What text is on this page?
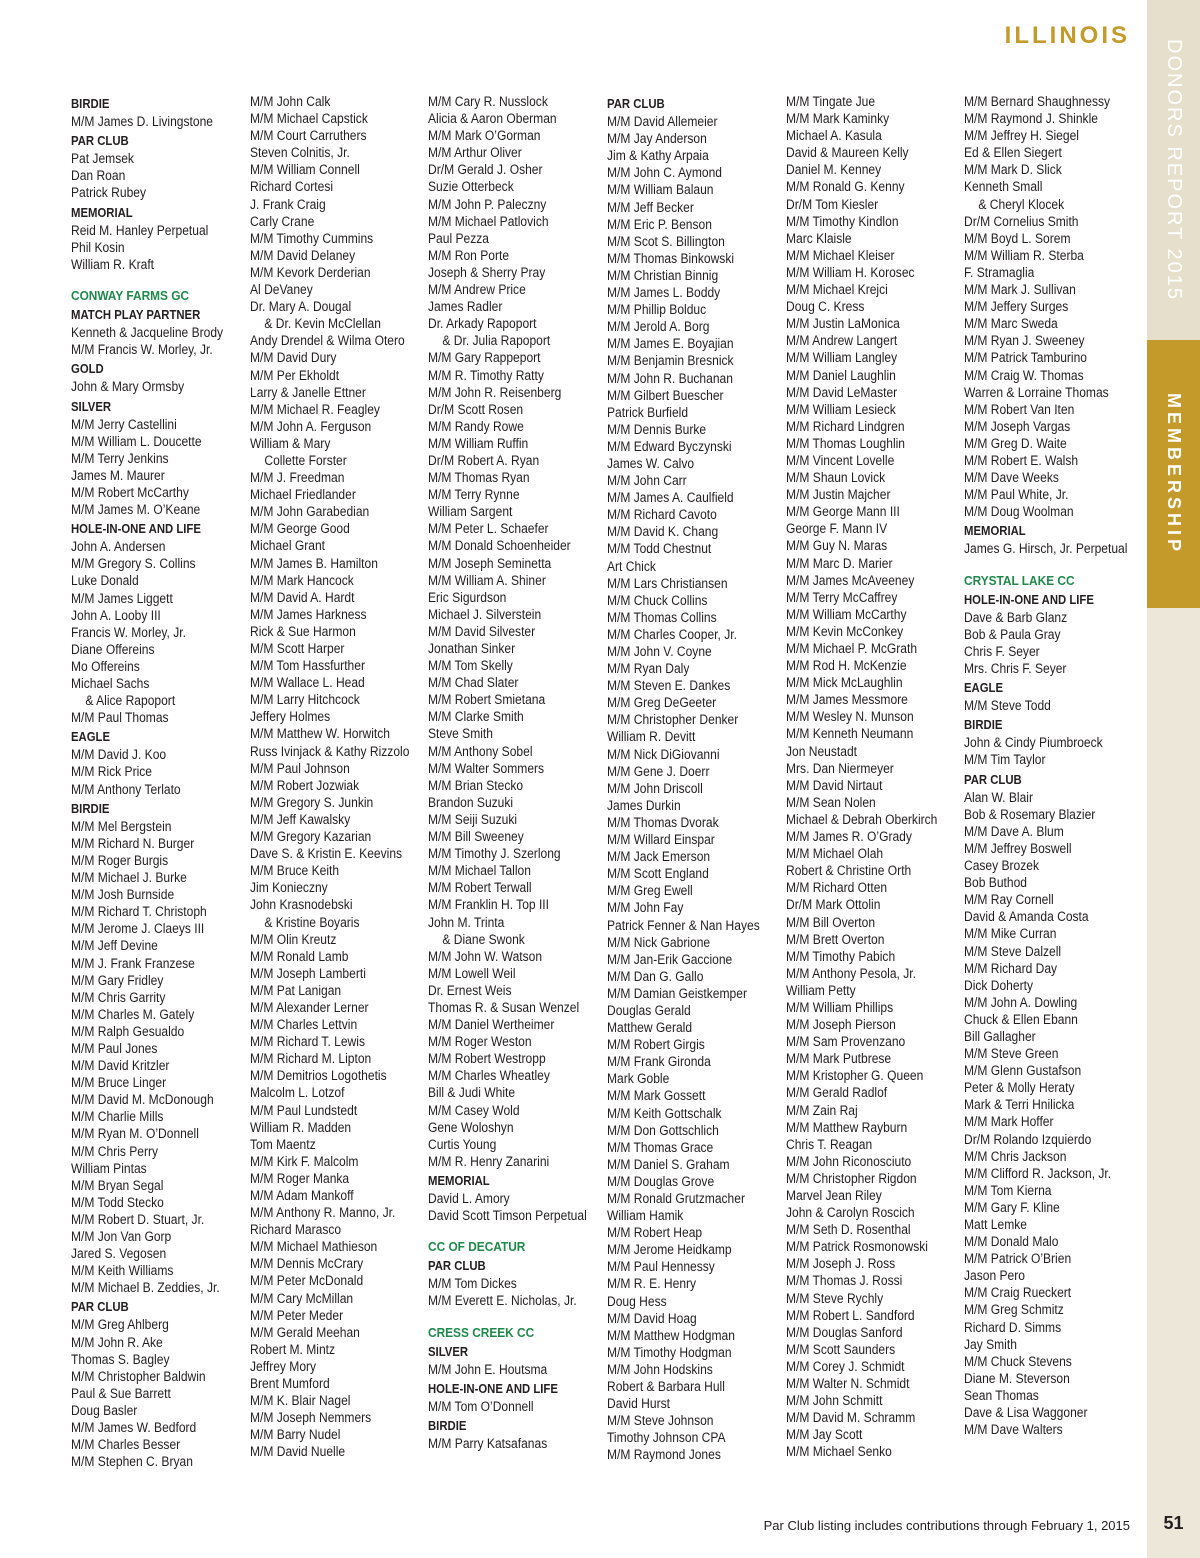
ILLINOIS
DONORS REPORT 2015
MEMBERSHIP
BIRDIE
M/M James D. Livingstone
PAR CLUB
Pat Jemsek
Dan Roan
Patrick Rubey
MEMORIAL
Reid M. Hanley Perpetual
Phil Kosin
William R. Kraft
CONWAY FARMS GC
MATCH PLAY PARTNER
Kenneth & Jacqueline Brody
M/M Francis W. Morley, Jr.
GOLD
John & Mary Ormsby
SILVER
M/M Jerry Castellini
M/M William L. Doucette
M/M Terry Jenkins
James M. Maurer
M/M Robert McCarthy
M/M James M. O’Keane
HOLE-IN-ONE AND LIFE
John A. Andersen
M/M Gregory S. Collins
Luke Donald
M/M James Liggett
John A. Looby III
Francis W. Morley, Jr.
Diane Offereins
Mo Offereins
Michael Sachs
& Alice Rapoport
M/M Paul Thomas
EAGLE
M/M David J. Koo
M/M Rick Price
M/M Anthony Terlato
BIRDIE
M/M Mel Bergstein
M/M Richard N. Burger
M/M Roger Burgis
M/M Michael J. Burke
M/M Josh Burnside
M/M Richard T. Christoph
M/M Jerome J. Claeys III
M/M Jeff Devine
M/M J. Frank Franzese
M/M Gary Fridley
M/M Chris Garrity
M/M Charles M. Gately
M/M Ralph Gesualdo
M/M Paul Jones
M/M David Kritzler
M/M Bruce Linger
M/M David M. McDonough
M/M Charlie Mills
M/M Ryan M. O’Donnell
M/M Chris Perry
William Pintas
M/M Bryan Segal
M/M Todd Stecko
M/M Robert D. Stuart, Jr.
M/M Jon Van Gorp
Jared S. Vegosen
M/M Keith Williams
M/M Michael B. Zeddies, Jr.
PAR CLUB
M/M Greg Ahlberg
M/M John R. Ake
Thomas S. Bagley
M/M Christopher Baldwin
Paul & Sue Barrett
Doug Basler
M/M James W. Bedford
M/M Charles Besser
M/M Stephen C. Bryan
M/M John Calk
M/M Michael Capstick
M/M Court Carruthers
Steven Colnitis, Jr.
M/M William Connell
Richard Cortesi
J. Frank Craig
Carly Crane
M/M Timothy Cummins
M/M David Delaney
M/M Kevork Derderian
Al DeVaney
Dr. Mary A. Dougal
& Dr. Kevin McClellan
Andy Drendel & Wilma Otero
M/M David Dury
M/M Per Ekholdt
Larry & Janelle Ettner
M/M Michael R. Feagley
M/M John A. Ferguson
William & Mary
Collette Forster
M/M J. Freedman
Michael Friedlander
M/M John Garabedian
M/M George Good
Michael Grant
M/M James B. Hamilton
M/M Mark Hancock
M/M David A. Hardt
M/M James Harkness
Rick & Sue Harmon
M/M Scott Harper
M/M Tom Hassfurther
M/M Wallace L. Head
M/M Larry Hitchcock
Jeffery Holmes
M/M Matthew W. Horwitch
Russ Ivinjack & Kathy Rizzolo
M/M Paul Johnson
M/M Robert Jozwiak
M/M Gregory S. Junkin
M/M Jeff Kawalsky
M/M Gregory Kazarian
Dave S. & Kristin E. Keevins
M/M Bruce Keith
Jim Konieczny
John Krasnodebski
& Kristine Boyaris
M/M Olin Kreutz
M/M Ronald Lamb
M/M Joseph Lamberti
M/M Pat Lanigan
M/M Alexander Lerner
M/M Charles Lettvin
M/M Richard T. Lewis
M/M Richard M. Lipton
M/M Demitrios Logothetis
Malcolm L. Lotzof
M/M Paul Lundstedt
William R. Madden
Tom Maentz
M/M Kirk F. Malcolm
M/M Roger Manka
M/M Adam Mankoff
M/M Anthony R. Manno, Jr.
Richard Marasco
M/M Michael Mathieson
M/M Dennis McCrary
M/M Peter McDonald
M/M Cary McMillan
M/M Peter Meder
M/M Gerald Meehan
Robert M. Mintz
Jeffrey Mory
Brent Mumford
M/M K. Blair Nagel
M/M Joseph Nemmers
M/M Barry Nudel
M/M David Nuelle
M/M Cary R. Nusslock
Alicia & Aaron Oberman
M/M Mark O’Gorman
M/M Arthur Oliver
Dr/M Gerald J. Osher
Suzie Otterbeck
M/M John P. Paleczny
M/M Michael Patlovich
Paul Pezza
M/M Ron Porte
Joseph & Sherry Pray
M/M Andrew Price
James Radler
Dr. Arkady Rapoport
& Dr. Julia Rapoport
M/M Gary Rappeport
M/M R. Timothy Ratty
M/M John R. Reisenberg
Dr/M Scott Rosen
M/M Randy Rowe
M/M William Ruffin
Dr/M Robert A. Ryan
M/M Thomas Ryan
M/M Terry Rynne
William Sargent
M/M Peter L. Schaefer
M/M Donald Schoenheider
M/M Joseph Seminetta
M/M William A. Shiner
Eric Sigurdson
Michael J. Silverstein
M/M David Silvester
Jonathan Sinker
M/M Tom Skelly
M/M Chad Slater
M/M Robert Smietana
M/M Clarke Smith
Steve Smith
M/M Anthony Sobel
M/M Walter Sommers
M/M Brian Stecko
Brandon Suzuki
M/M Seiji Suzuki
M/M Bill Sweeney
M/M Timothy J. Szerlong
M/M Michael Tallon
M/M Robert Terwall
M/M Franklin H. Top III
John M. Trinta
& Diane Swonk
M/M John W. Watson
M/M Lowell Weil
Dr. Ernest Weis
Thomas R. & Susan Wenzel
M/M Daniel Wertheimer
M/M Roger Weston
M/M Robert Westropp
M/M Charles Wheatley
Bill & Judi White
M/M Casey Wold
Gene Woloshyn
Curtis Young
M/M R. Henry Zanarini
MEMORIAL
David L. Amory
David Scott Timson Perpetual
CC OF DECATUR
PAR CLUB
M/M Tom Dickes
M/M Everett E. Nicholas, Jr.
CRESS CREEK CC
SILVER
M/M John E. Houtsma
HOLE-IN-ONE AND LIFE
M/M Tom O’Donnell
BIRDIE
M/M Parry Katsafanas
PAR CLUB
M/M David Allemeier
M/M Jay Anderson
Jim & Kathy Arpaia
M/M John C. Aymond
M/M William Balaun
M/M Jeff Becker
M/M Eric P. Benson
M/M Scot S. Billington
M/M Thomas Binkowski
M/M Christian Binnig
M/M James L. Boddy
M/M Phillip Bolduc
M/M Jerold A. Borg
M/M James E. Boyajian
M/M Benjamin Bresnick
M/M John R. Buchanan
M/M Gilbert Buescher
Patrick Burfield
M/M Dennis Burke
M/M Edward Byczynski
James W. Calvo
M/M John Carr
M/M James A. Caulfield
M/M Richard Cavoto
M/M David K. Chang
M/M Todd Chestnut
Art Chick
M/M Lars Christiansen
M/M Chuck Collins
M/M Thomas Collins
M/M Charles Cooper, Jr.
M/M John V. Coyne
M/M Ryan Daly
M/M Steven E. Dankes
M/M Greg DeGeeter
M/M Christopher Denker
William R. Devitt
M/M Nick DiGiovanni
M/M Gene J. Doerr
M/M John Driscoll
James Durkin
M/M Thomas Dvorak
M/M Willard Einspar
M/M Jack Emerson
M/M Scott England
M/M Greg Ewell
M/M John Fay
Patrick Fenner & Nan Hayes
M/M Nick Gabrione
M/M Jan-Erik Gaccione
M/M Dan G. Gallo
M/M Damian Geistkemper
Douglas Gerald
Matthew Gerald
M/M Robert Girgis
M/M Frank Gironda
Mark Goble
M/M Mark Gossett
M/M Keith Gottschalk
M/M Don Gottschlich
M/M Thomas Grace
M/M Daniel S. Graham
M/M Douglas Grove
M/M Ronald Grutzmacher
William Hamik
M/M Robert Heap
M/M Jerome Heidkamp
M/M Paul Hennessy
M/M R. E. Henry
Doug Hess
M/M David Hoag
M/M Matthew Hodgman
M/M Timothy Hodgman
M/M John Hodskins
Robert & Barbara Hull
David Hurst
M/M Steve Johnson
Timothy Johnson CPA
M/M Raymond Jones
M/M Tingate Jue
M/M Mark Kaminky
Michael A. Kasula
David & Maureen Kelly
Daniel M. Kenney
M/M Ronald G. Kenny
Dr/M Tom Kiesler
M/M Timothy Kindlon
Marc Klaisle
M/M Michael Kleiser
M/M William H. Korosec
M/M Michael Krejci
Doug C. Kress
M/M Justin LaMonica
M/M Andrew Langert
M/M William Langley
M/M Daniel Laughlin
M/M David LeMaster
M/M William Lesieck
M/M Richard Lindgren
M/M Thomas Loughlin
M/M Vincent Lovelle
M/M Shaun Lovick
M/M Justin Majcher
M/M George Mann III
George F. Mann IV
M/M Guy N. Maras
M/M Marc D. Marier
M/M James McAveeney
M/M Terry McCaffrey
M/M William McCarthy
M/M Kevin McConkey
M/M Michael P. McGrath
M/M Rod H. McKenzie
M/M Mick McLaughlin
M/M James Messmore
M/M Wesley N. Munson
M/M Kenneth Neumann
Jon Neustadt
Mrs. Dan Niermeyer
M/M David Nirtaut
M/M Sean Nolen
Michael & Debrah Oberkirch
M/M James R. O’Grady
M/M Michael Olah
Robert & Christine Orth
M/M Richard Otten
Dr/M Mark Ottolin
M/M Bill Overton
M/M Brett Overton
M/M Timothy Pabich
M/M Anthony Pesola, Jr.
William Petty
M/M William Phillips
M/M Joseph Pierson
M/M Sam Provenzano
M/M Mark Putbrese
M/M Kristopher G. Queen
M/M Gerald Radlof
M/M Zain Raj
M/M Matthew Rayburn
Chris T. Reagan
M/M John Riconosciuto
M/M Christopher Rigdon
Marvel Jean Riley
John & Carolyn Roscich
M/M Seth D. Rosenthal
M/M Patrick Rosmonowski
M/M Joseph J. Ross
M/M Thomas J. Rossi
M/M Steve Rychly
M/M Robert L. Sandford
M/M Douglas Sanford
M/M Scott Saunders
M/M Corey J. Schmidt
M/M Walter N. Schmidt
M/M John Schmitt
M/M David M. Schramm
M/M Jay Scott
M/M Michael Senko
M/M Bernard Shaughnessy
M/M Raymond J. Shinkle
M/M Jeffrey H. Siegel
Ed & Ellen Siegert
M/M Mark D. Slick
Kenneth Small
& Cheryl Klocek
Dr/M Cornelius Smith
M/M Boyd L. Sorem
M/M William R. Sterba
F. Stramaglia
M/M Mark J. Sullivan
M/M Jeffery Surges
M/M Marc Sweda
M/M Ryan J. Sweeney
M/M Patrick Tamburino
M/M Craig W. Thomas
Warren & Lorraine Thomas
M/M Robert Van Iten
M/M Joseph Vargas
M/M Greg D. Waite
M/M Robert E. Walsh
M/M Dave Weeks
M/M Paul White, Jr.
M/M Doug Woolman
MEMORIAL
James G. Hirsch, Jr. Perpetual
CRYSTAL LAKE CC
HOLE-IN-ONE AND LIFE
Dave & Barb Glanz
Bob & Paula Gray
Chris F. Seyer
Mrs. Chris F. Seyer
EAGLE
M/M Steve Todd
BIRDIE
John & Cindy Piumbroeck
M/M Tim Taylor
PAR CLUB
Alan W. Blair
Bob & Rosemary Blazier
M/M Dave A. Blum
M/M Jeffrey Boswell
Casey Brozek
Bob Buthod
M/M Ray Cornell
David & Amanda Costa
M/M Mike Curran
M/M Steve Dalzell
M/M Richard Day
Dick Doherty
M/M John A. Dowling
Chuck & Ellen Ebann
Bill Gallagher
M/M Steve Green
M/M Glenn Gustafson
Peter & Molly Heraty
Mark & Terri Hnilicka
M/M Mark Hoffer
Dr/M Rolando Izquierdo
M/M Chris Jackson
M/M Clifford R. Jackson, Jr.
M/M Tom Kierna
M/M Gary F. Kline
Matt Lemke
M/M Donald Malo
M/M Patrick O’Brien
Jason Pero
M/M Craig Rueckert
M/M Greg Schmitz
Richard D. Simms
Jay Smith
M/M Chuck Stevens
Diane M. Steverson
Sean Thomas
Dave & Lisa Waggoner
M/M Dave Walters
Par Club listing includes contributions through February 1, 2015	51
